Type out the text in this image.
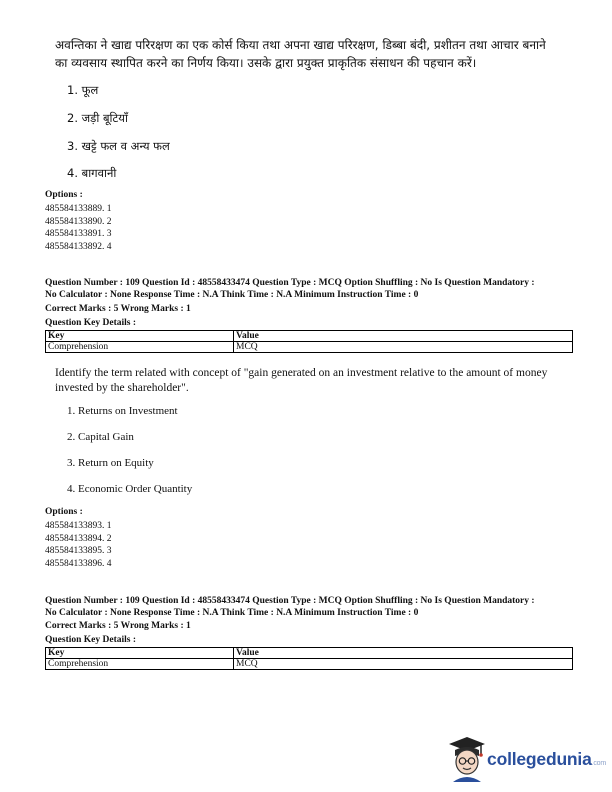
अवन्तिका ने खाद्य परिरक्षण का एक कोर्स किया तथा अपना खाद्य परिरक्षण, डिब्बा बंदी, प्रशीतन तथा आचार बनाने
का व्यवसाय स्थापित करने का निर्णय किया। उसके द्वारा प्रयुक्त प्राकृतिक संसाधन की पहचान करें।
1. फूल
2. जड़ी बूटियाँ
3. खट्टे फल व अन्य फल
4. बागवानी
Options :
485584133889. 1
485584133890. 2
485584133891. 3
485584133892. 4
Question Number : 109 Question Id : 48558433474 Question Type : MCQ Option Shuffling : No Is Question Mandatory :
No Calculator : None Response Time : N.A Think Time : N.A Minimum Instruction Time : 0
Correct Marks : 5 Wrong Marks : 1
Question Key Details :
Key	Value
Comprehension	MCQ
Identify the term related with concept of "gain generated on an investment relative to the amount of money
invested by the shareholder".
1. Returns on Investment
2. Capital Gain
3. Return on Equity
4. Economic Order Quantity
Options :
485584133893. 1
485584133894. 2
485584133895. 3
485584133896. 4
Question Number : 109 Question Id : 48558433474 Question Type : MCQ Option Shuffling : No Is Question Mandatory :
No Calculator : None Response Time : N.A Think Time : N.A Minimum Instruction Time : 0
Correct Marks : 5 Wrong Marks : 1
Question Key Details :
Key	Value
Comprehension	MCQ
collegedunia .com
